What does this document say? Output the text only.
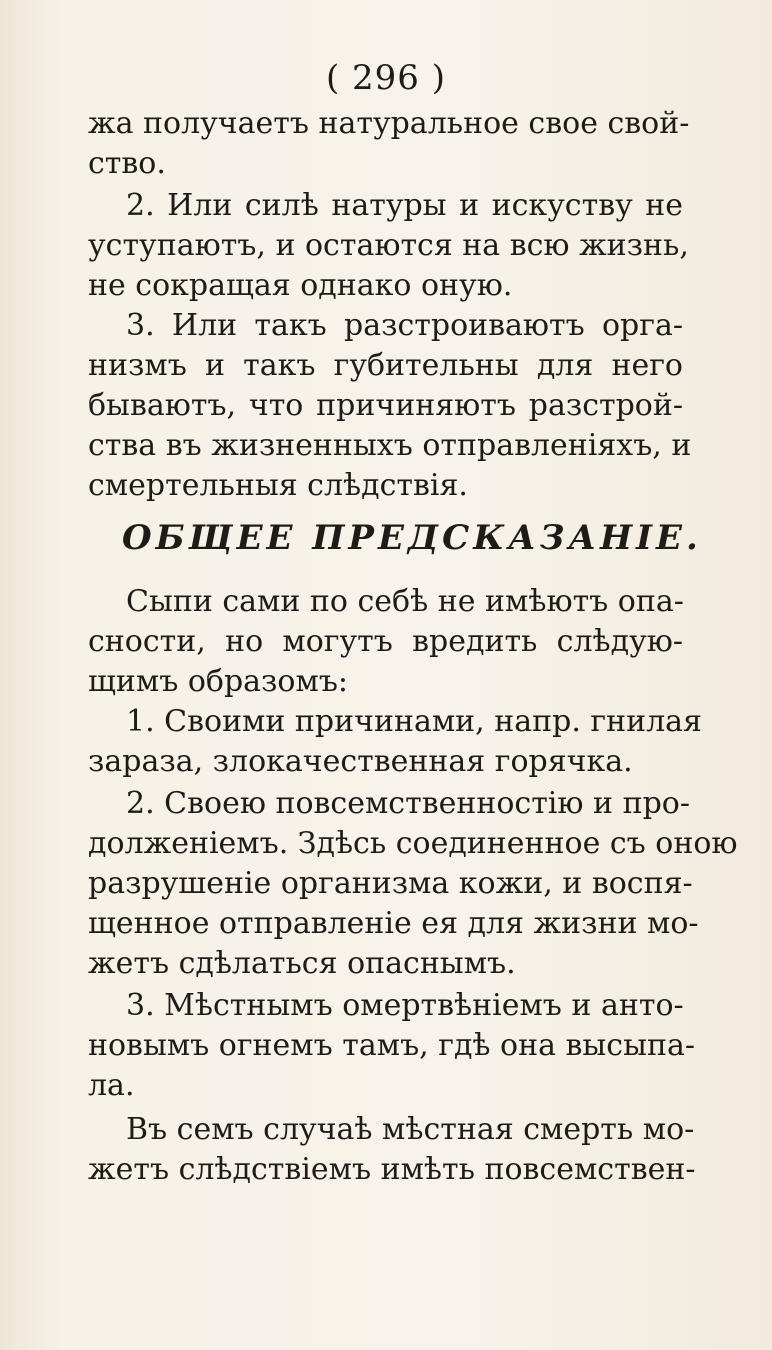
( 296 )
жа получаетъ натуральное свое свой-
ство.
2. Или силѣ натуры и искуству не
уступаютъ, и остаются на всю жизнь,
не сокращая однако оную.
3. Или такъ разстроиваютъ орга-
низмъ и такъ губительны для него
бываютъ, что причиняютъ разстрой-
ства въ жизненныхъ отправленіяхъ, и
смертельныя слѣдствія.
ОБЩЕЕ ПРЕДСКАЗАНІЕ.
Сыпи сами по себѣ не имѣютъ опа-
сности, но могутъ вредить слѣдую-
щимъ образомъ:
1. Своими причинами, напр. гнилая
зараза, злокачественная горячка.
2. Своею повсемственностію и про-
долженіемъ. Здѣсь соединенное съ оною
разрушеніе организма кожи, и воспя-
щенное отправленіе ея для жизни мо-
жетъ сдѣлаться опаснымъ.
3. Мѣстнымъ омертвѣніемъ и анто-
новымъ огнемъ тамъ, гдѣ она высыпа-
ла.
Въ семъ случаѣ мѣстная смерть мо-
жетъ слѣдствіемъ имѣть повсемствен-
